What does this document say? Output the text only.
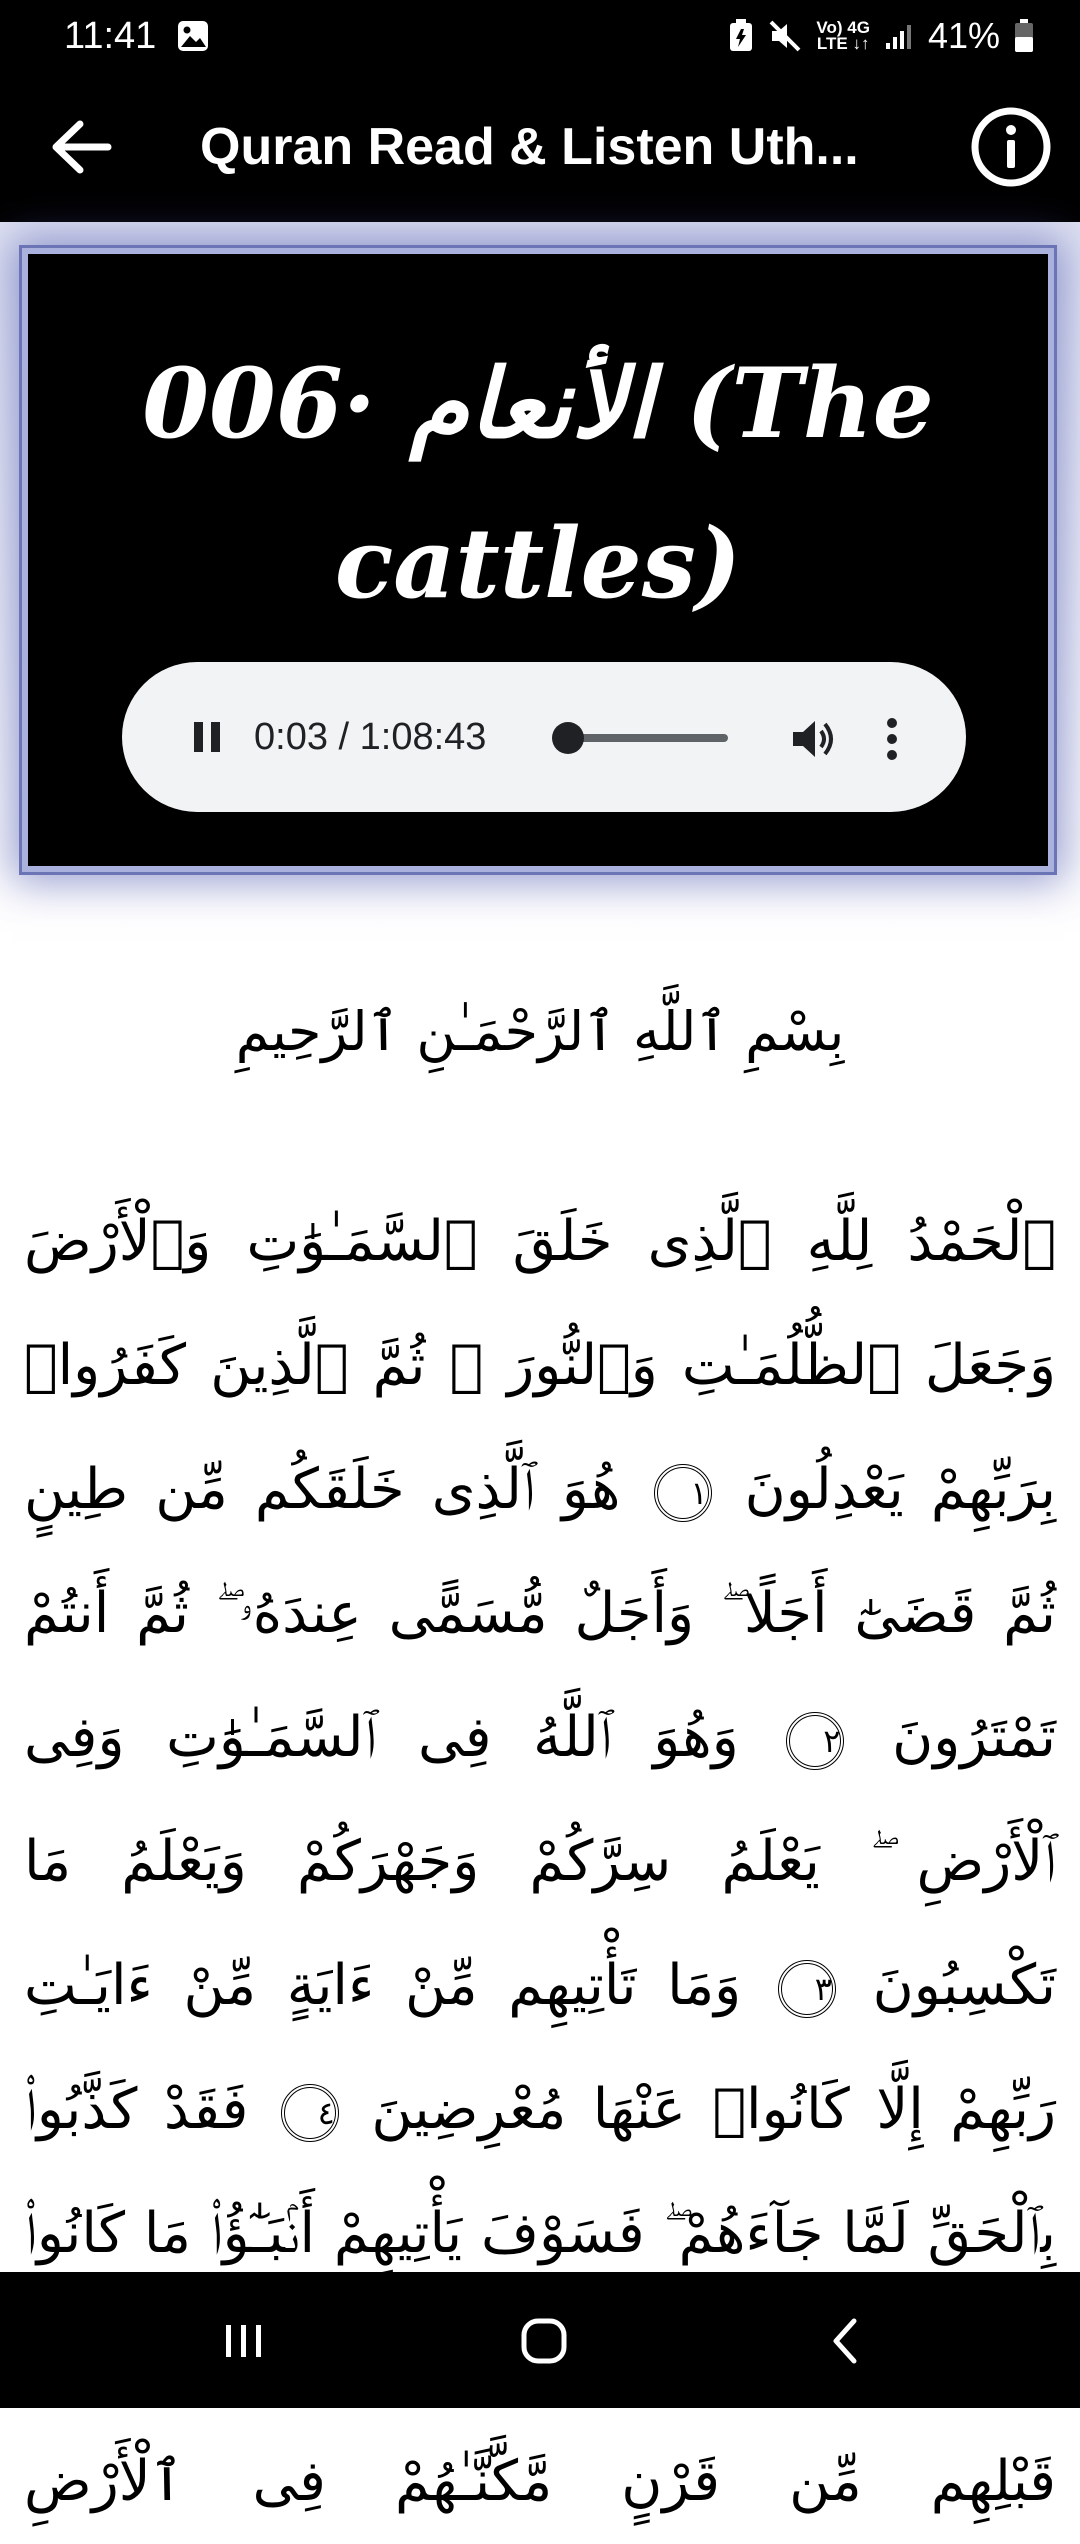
11:41	Vo) 4G
LTE ↓↑ 41%
Quran Read & Listen Uth...
006· الأنعام (The cattles)
0:03 / 1:08:43
بِسْمِ ٱللَّهِ ٱلرَّحْمَـٰنِ ٱلرَّحِيمِ
ٱلْحَمْدُ لِلَّهِ ٱلَّذِى خَلَقَ ٱلسَّمَـٰوَٰتِ وَٱلْأَرْضَ وَجَعَلَ ٱلظُّلُمَـٰتِ وَٱلنُّورَ ۖ ثُمَّ ٱلَّذِينَ كَفَرُوا۟ بِرَبِّهِمْ يَعْدِلُونَ ١ هُوَ ٱلَّذِى خَلَقَكُم مِّن طِينٍ ثُمَّ قَضَىٰٓ أَجَلًا ۖ وَأَجَلٌ مُّسَمًّى عِندَهُۥ ۖ ثُمَّ أَنتُمْ تَمْتَرُونَ ٢ وَهُوَ ٱللَّهُ فِى ٱلسَّمَـٰوَٰتِ وَفِى ٱلْأَرْضِ ۖ يَعْلَمُ سِرَّكُمْ وَجَهْرَكُمْ وَيَعْلَمُ مَا تَكْسِبُونَ ٣ وَمَا تَأْتِيهِم مِّنْ ءَايَةٍ مِّنْ ءَايَـٰتِ رَبِّهِمْ إِلَّا كَانُوا۟ عَنْهَا مُعْرِضِينَ ٤ فَقَدْ كَذَّبُوا۟ بِٱلْحَقِّ لَمَّا جَآءَهُمْ ۖ فَسَوْفَ يَأْتِيهِمْ أَنۢبَـٰٓؤُا۟ مَا كَانُوا۟  قَبْلِهِم مِّن قَرْنٍ مَّكَّنَّـٰهُمْ فِى ٱلْأَرْضِ
